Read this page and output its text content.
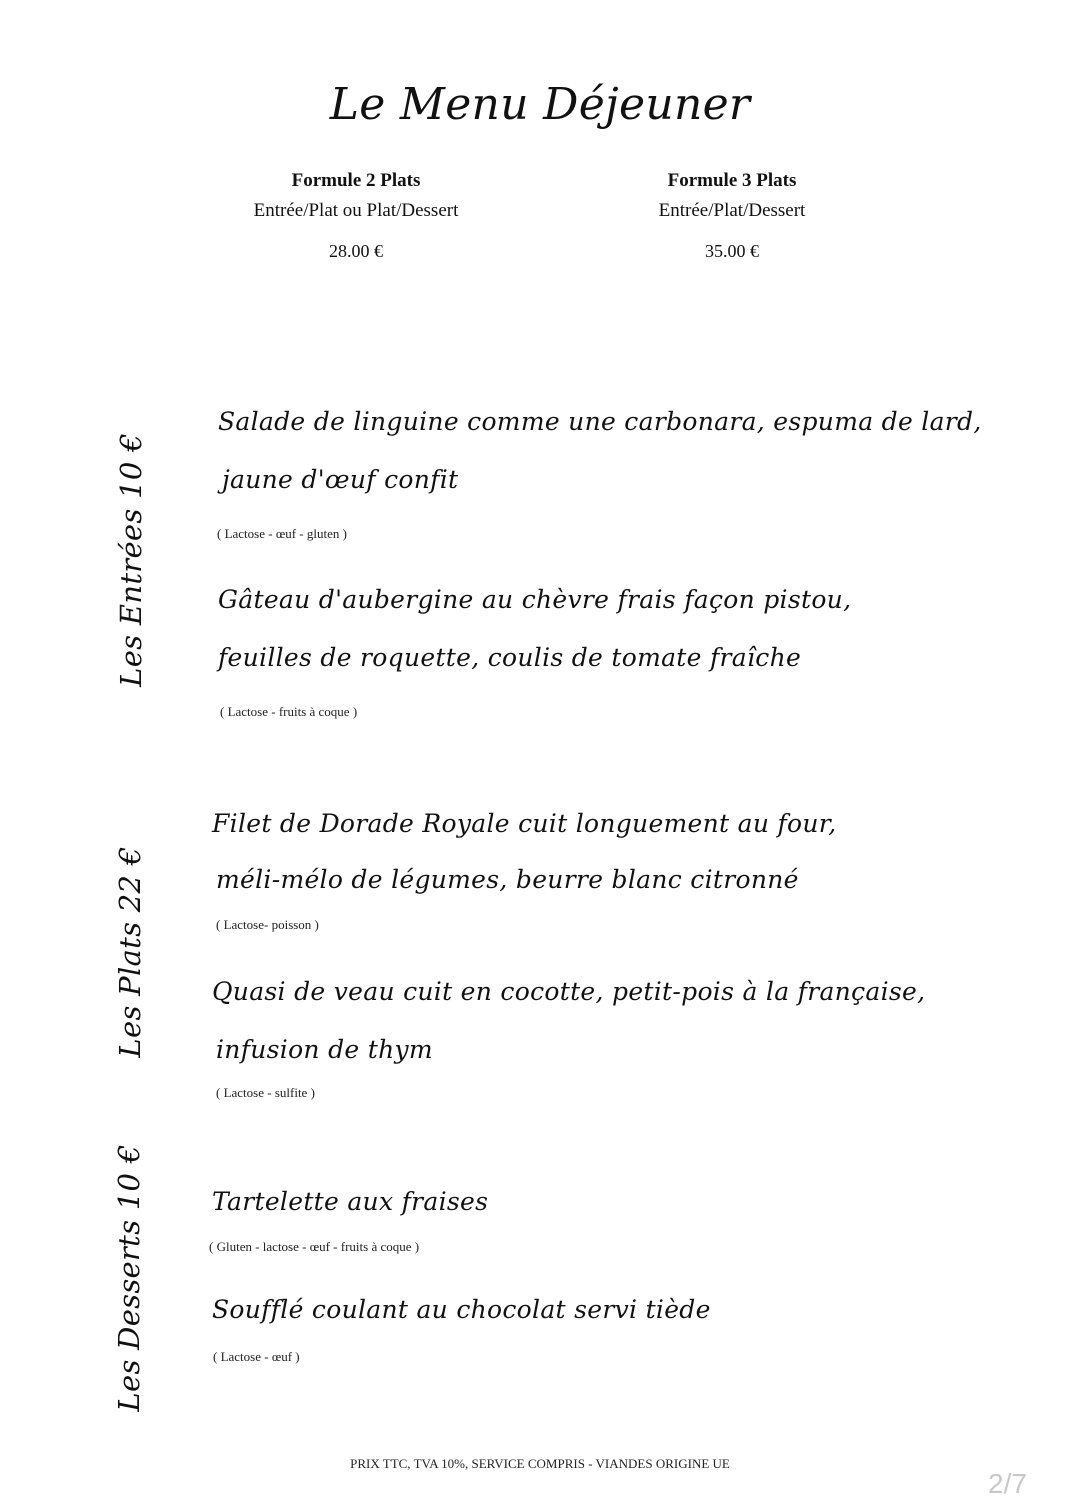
Le Menu Déjeuner
Formule 2 Plats
Entrée/Plat ou Plat/Dessert
28.00 €
Formule 3 Plats
Entrée/Plat/Dessert
35.00 €
Les Entrées 10 €
Salade de linguine comme une carbonara, espuma de lard,
jaune d'œuf confit
( Lactose - œuf - gluten )
Gâteau d'aubergine au chèvre frais façon pistou,
feuilles de roquette, coulis de tomate fraîche
( Lactose - fruits à coque )
Les Plats 22 €
Filet de Dorade Royale cuit longuement au four,
méli-mélo de légumes, beurre blanc citronné
( Lactose- poisson )
Quasi de veau cuit en cocotte, petit-pois à la française,
infusion de thym
( Lactose - sulfite )
Les Desserts 10 €	Tartelette aux fraises
( Gluten - lactose - œuf - fruits à coque )
Soufflé coulant au chocolat servi tiède
( Lactose - œuf )
PRIX TTC, TVA 10%, SERVICE COMPRIS - VIANDES ORIGINE UE
2/7
